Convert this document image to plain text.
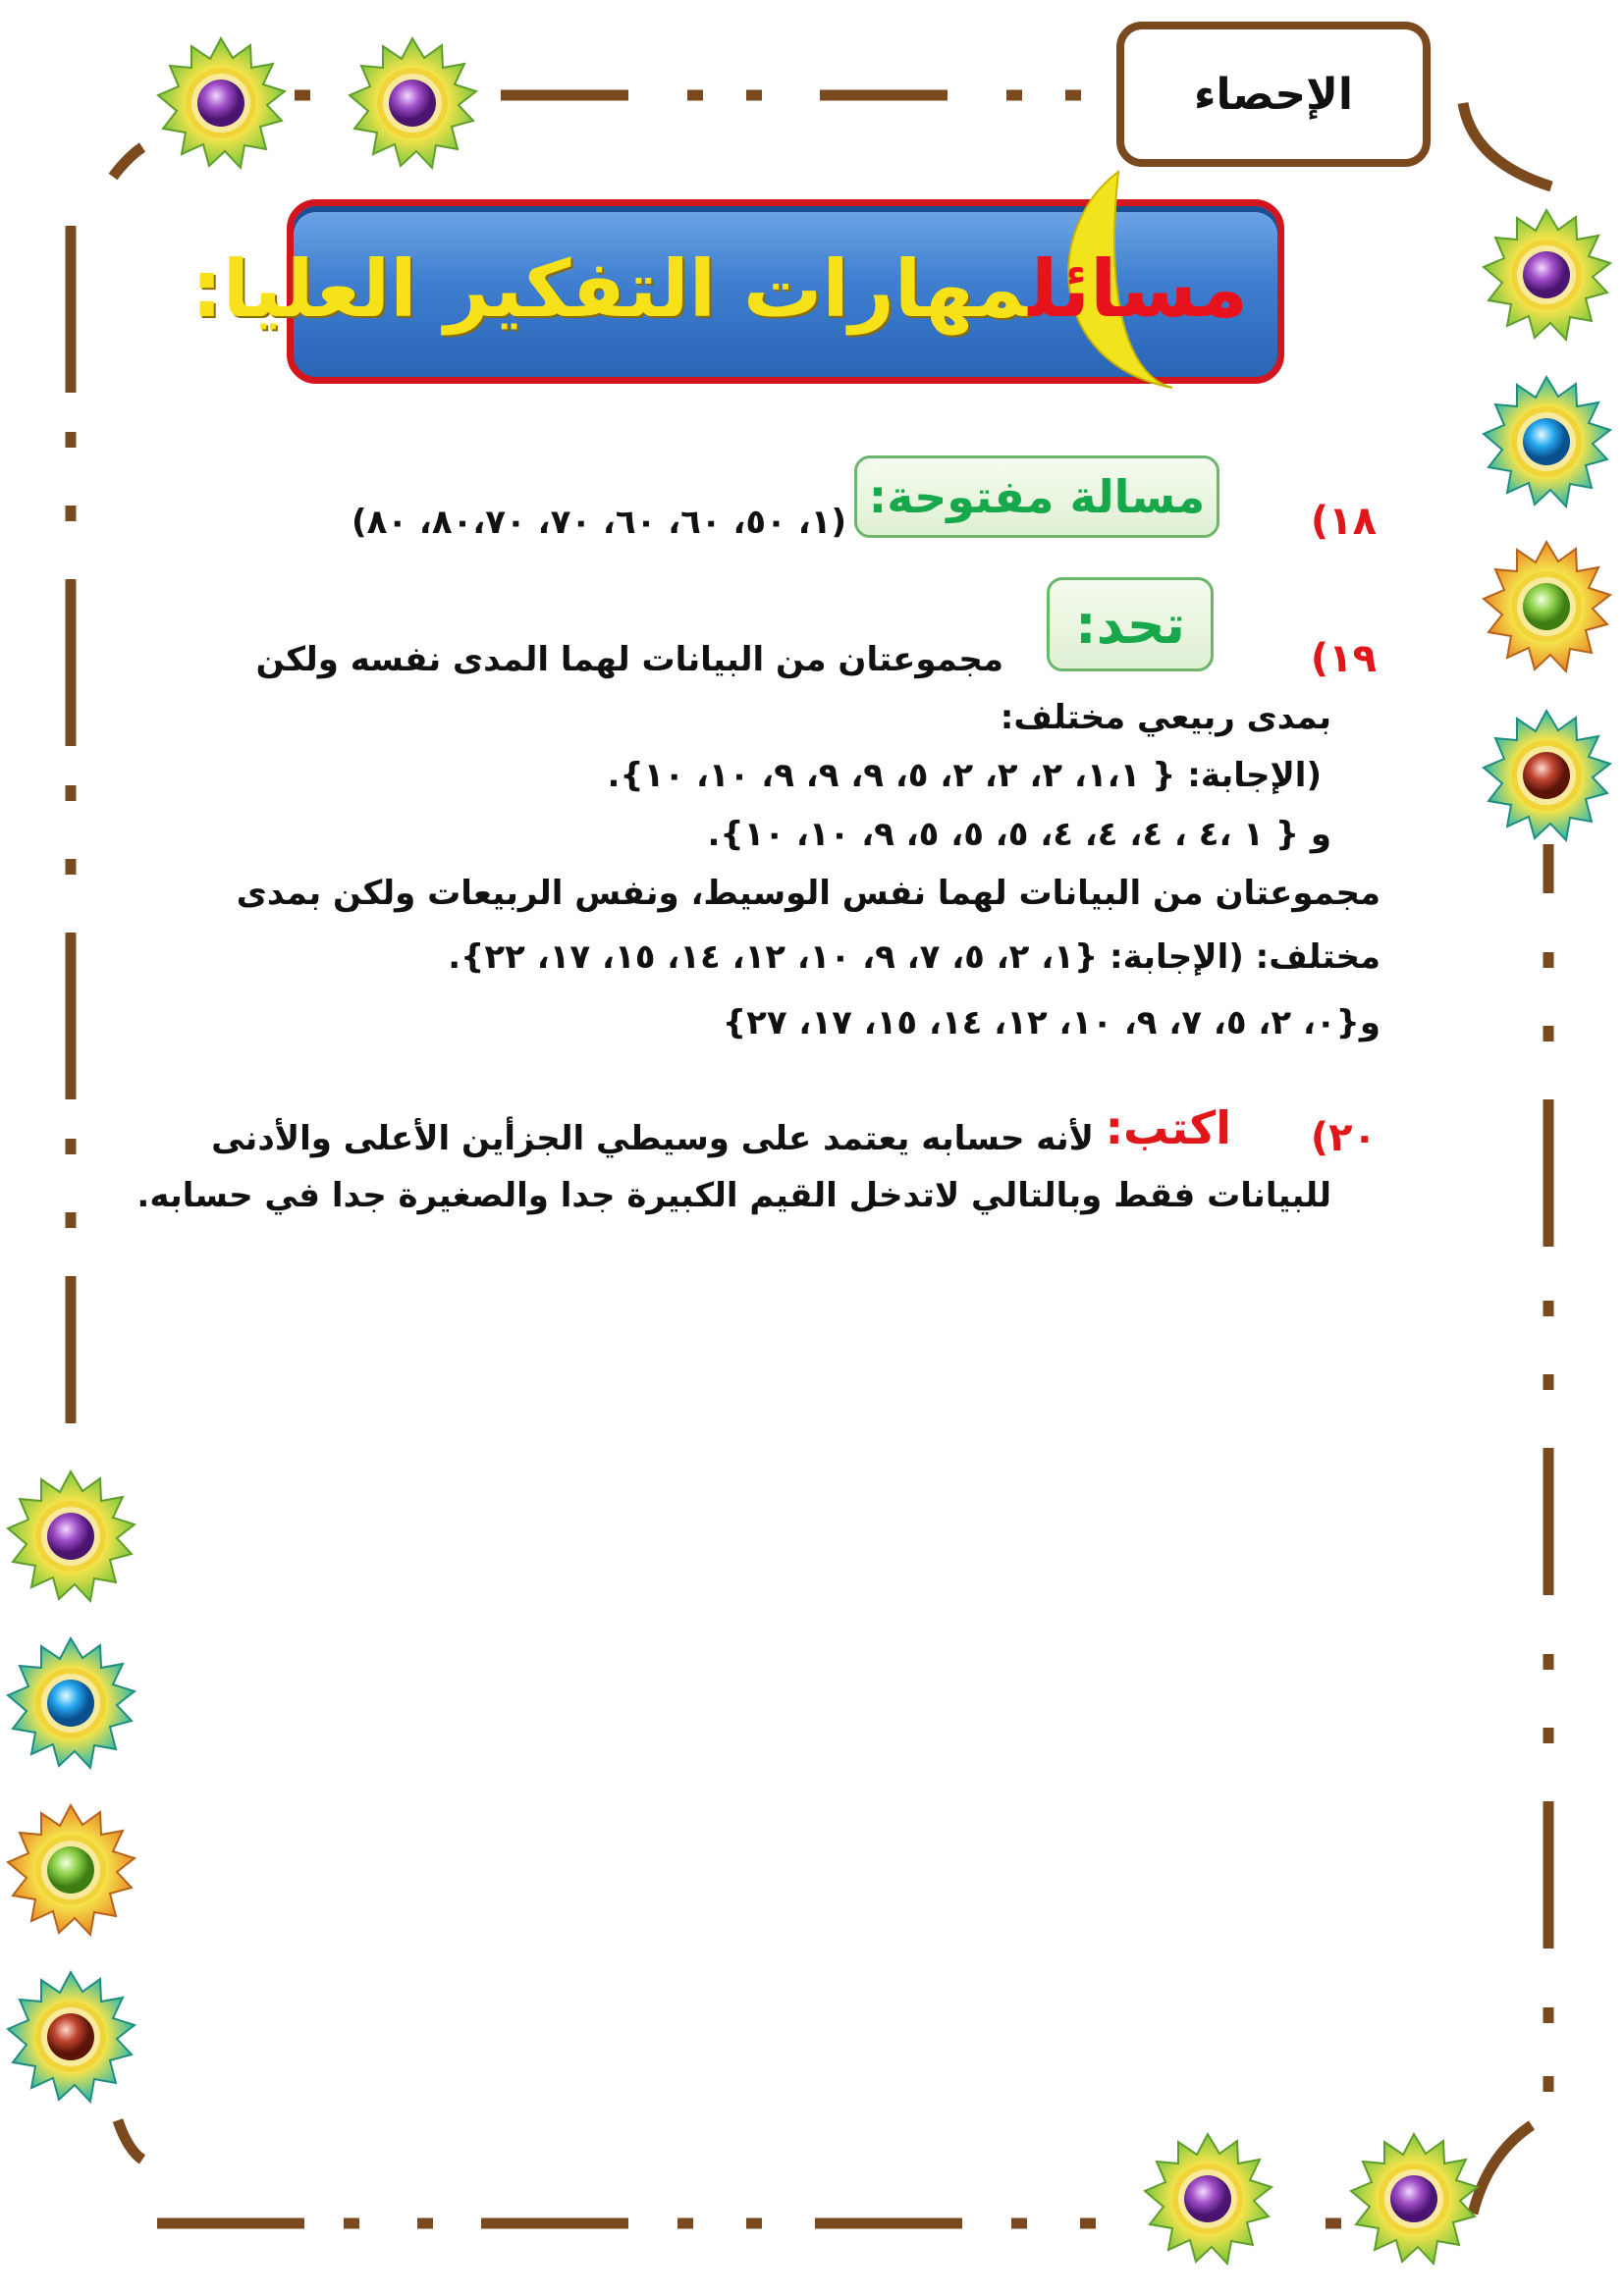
الإحصاء
مسائلمهارات التفكير العليا:
١٨)
مسالة مفتوحة:
(١، ٥٠، ٦٠، ٦٠، ٧٠، ٨٠،٧٠، ٨٠)
١٩)
تحد:
مجموعتان من البيانات لهما المدى نفسه ولكن
بمدى ربيعي مختلف:
(الإجابة: { ١،١، ٢، ٢، ٢، ٥، ٩، ٩، ٩، ١٠، ١٠}.
و { ١ ،٤ ، ٤، ٤، ٤، ٥، ٥، ٥، ٩، ١٠، ١٠}.
مجموعتان من البيانات لهما نفس الوسيط، ونفس الربيعات ولكن بمدى
مختلف: (الإجابة: {١، ٢، ٥، ٧، ٩، ١٠، ١٢، ١٤، ١٥، ١٧، ٢٢}.
و{٠، ٢، ٥، ٧، ٩، ١٠، ١٢، ١٤، ١٥، ١٧، ٢٧}
٢٠)
اكتب:
لأنه حسابه يعتمد على وسيطي الجزأين الأعلى والأدنى
للبيانات فقط وبالتالي لاتدخل القيم الكبيرة جدا والصغيرة جدا في حسابه.
